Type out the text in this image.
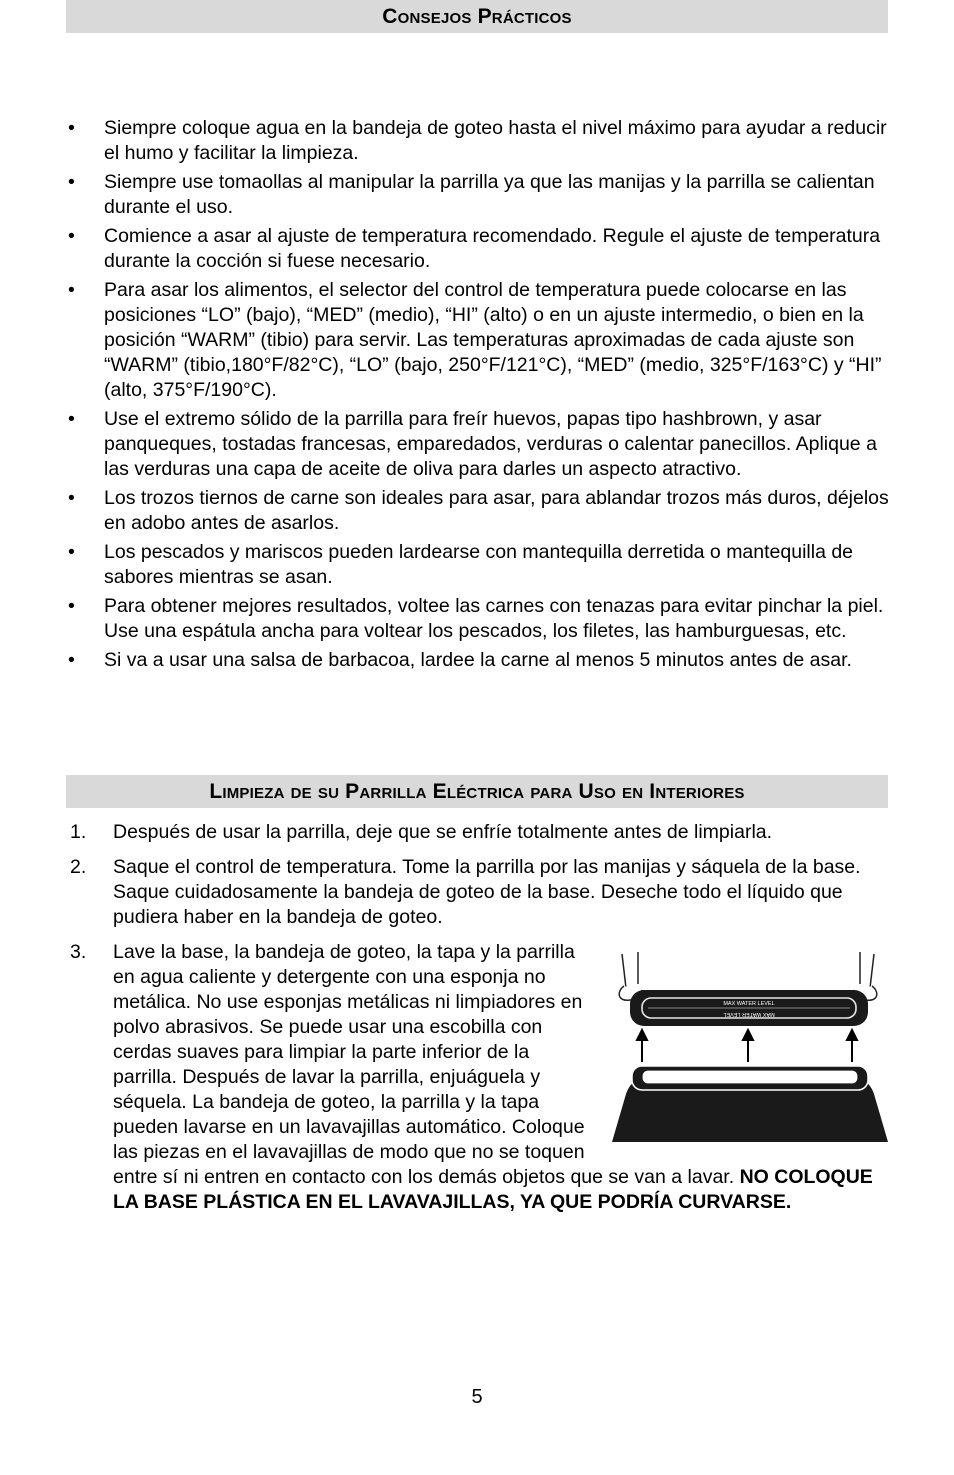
Consejos Prácticos
• Siempre coloque agua en la bandeja de goteo hasta el nivel máximo para ayudar a reducir el humo y facilitar la limpieza.
• Siempre use tomaollas al manipular la parrilla ya que las manijas y la parrilla se calientan durante el uso.
• Comience a asar al ajuste de temperatura recomendado. Regule el ajuste de temperatura durante la cocción si fuese necesario.
• Para asar los alimentos, el selector del control de temperatura puede colocarse en las posiciones “LO” (bajo), “MED” (medio), “HI” (alto) o en un ajuste intermedio, o bien en la posición “WARM” (tibio) para servir. Las temperaturas aproximadas de cada ajuste son “WARM” (tibio,180°F/82°C), “LO” (bajo, 250°F/121°C), “MED” (medio, 325°F/163°C) y “HI” (alto, 375°F/190°C).
• Use el extremo sólido de la parrilla para freír huevos, papas tipo hashbrown, y asar panqueques, tostadas francesas, emparedados, verduras o calentar panecillos. Aplique a las verduras una capa de aceite de oliva para darles un aspecto atractivo.
• Los trozos tiernos de carne son ideales para asar, para ablandar trozos más duros, déjelos en adobo antes de asarlos.
• Los pescados y mariscos pueden lardearse con mantequilla derretida o mantequilla de sabores mientras se asan.
• Para obtener mejores resultados, voltee las carnes con tenazas para evitar pinchar la piel. Use una espátula ancha para voltear los pescados, los filetes, las hamburguesas, etc.
• Si va a usar una salsa de barbacoa, lardee la carne al menos 5 minutos antes de asar.
Limpieza de su Parrilla Eléctrica para Uso en Interiores
1. Después de usar la parrilla, deje que se enfríe totalmente antes de limpiarla.
2. Saque el control de temperatura. Tome la parrilla por las manijas y sáquela de la base. Saque cuidadosamente la bandeja de goteo de la base. Deseche todo el líquido que pudiera haber en la bandeja de goteo.
3.
MAX WATER LEVEL
MAX WATER LEVEL
Lave la base, la bandeja de goteo, la tapa y la parrilla en agua caliente y detergente con una esponja no metálica. No use esponjas metálicas ni limpiadores en polvo abrasivos. Se puede usar una escobilla con cerdas suaves para limpiar la parte inferior de la parrilla. Después de lavar la parrilla, enjuáguela y séquela. La bandeja de goteo, la parrilla y la tapa pueden lavarse en un lavavajillas automático. Coloque las piezas en el lavavajillas de modo que no se toquen entre sí ni entren en contacto con los demás objetos que se van a lavar. NO COLOQUE LA BASE PLÁSTICA EN EL LAVAVAJILLAS, YA QUE PODRÍA CURVARSE.
5
